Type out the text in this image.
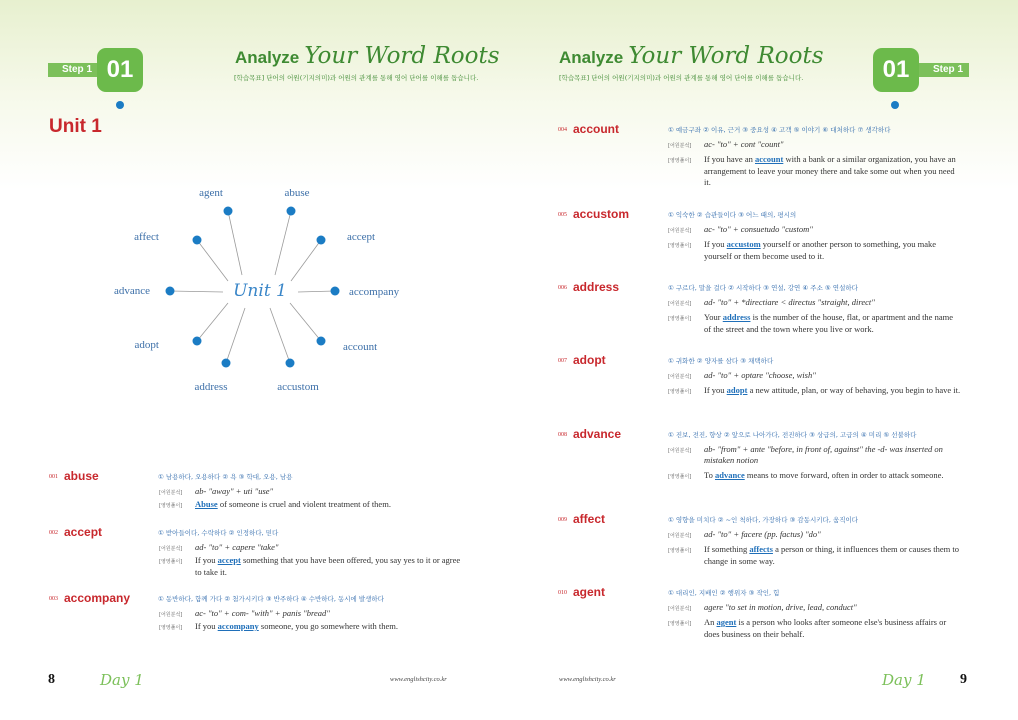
Step 1 01	Analyze Your Word Roots
[학습목표] 단어의 어원(기지의미)과 어원의 관계를 통해 영어 단어를 이해를 돕습니다.
Unit 1
Unit 1
agent	abuse
accept
accompany
account
accustom
address
adopt
advance
affect
001 abuse	① 남용하다, 오용하다 ② 욕 ③ 학대, 오용, 남용
[어원분석] ab- "away" + uti "use"
[영영풀이] Abuse of someone is cruel and violent treatment of them.
002 accept	① 받아들이다, 수락하다 ② 인정하다, 믿다
[어원분석] ad- "to" + capere "take"
[영영풀이] If you accept something that you have been offered, you say yes to it or agree to take it.
003 accompany	① 동반하다, 함께 가다 ② 첨가시키다 ③ 반주하다 ④ 수반하다, 동시에 발생하다
[어원분석] ac- "to" + com- "with" + panis "bread"
[영영풀이] If you accompany someone, you go somewhere with them.
8	Day 1	www.englishcity.co.kr
Analyze Your Word Roots
[학습목표] 단어의 어원(기지의미)과 어원의 관계를 통해 영어 단어를 이해를 돕습니다.
Step 1
01
004 account	① 예금구좌 ② 이유, 근거 ③ 중요성 ④ 고객 ⑤ 이야기 ⑥ 대처하다 ⑦ 생각하다
[어원분석] ac- "to" + cont "count"
[영영풀이] If you have an account with a bank or a similar organization, you have an arrangement to leave your money there and take some out when you need it.
005 accustom	① 익숙한 ② 습관들이다 ③ 어느 때의, 평시의
[어원분석] ac- "to" + consuetudo "custom"
[영영풀이] If you accustom yourself or another person to something, you make yourself or them become used to it.
006 address	① 구르다, 말을 걸다 ② 시작하다 ③ 연설, 강연 ④ 주소 ⑤ 연설하다
[어원분석] ad- "to" + *directiare < directus "straight, direct"
[영영풀이] Your address is the number of the house, flat, or apartment and the name of the street and the town where you live or work.
007 adopt	① 귀화한 ② 양자를 삼다 ③ 채택하다
[어원분석] ad- "to" + optare "choose, wish"
[영영풀이] If you adopt a new attitude, plan, or way of behaving, you begin to have it.
008 advance	① 진보, 전진, 향상 ② 앞으로 나아가다, 전진하다 ③ 상급의, 고급의 ④ 미리 ⑤ 선불하다
[어원분석] ab- "from" + ante "before, in front of, against" the -d- was inserted on mistaken notion
[영영풀이] To advance means to move forward, often in order to attack someone.
009 affect	① 영향을 미치다 ② ~인 척하다, 가장하다 ③ 감동시키다, 움직이다
[어원분석] ad- "to" + facere (pp. factus) "do"
[영영풀이] If something affects a person or thing, it influences them or causes them to change in some way.
010 agent	① 대리인, 지배인 ② 행위자 ③ 작인, 힘
[어원분석] agere "to set in motion, drive, lead, conduct"
[영영풀이] An agent is a person who looks after someone else's business affairs or does business on their behalf.
www.englishcity.co.kr	Day 1 9
